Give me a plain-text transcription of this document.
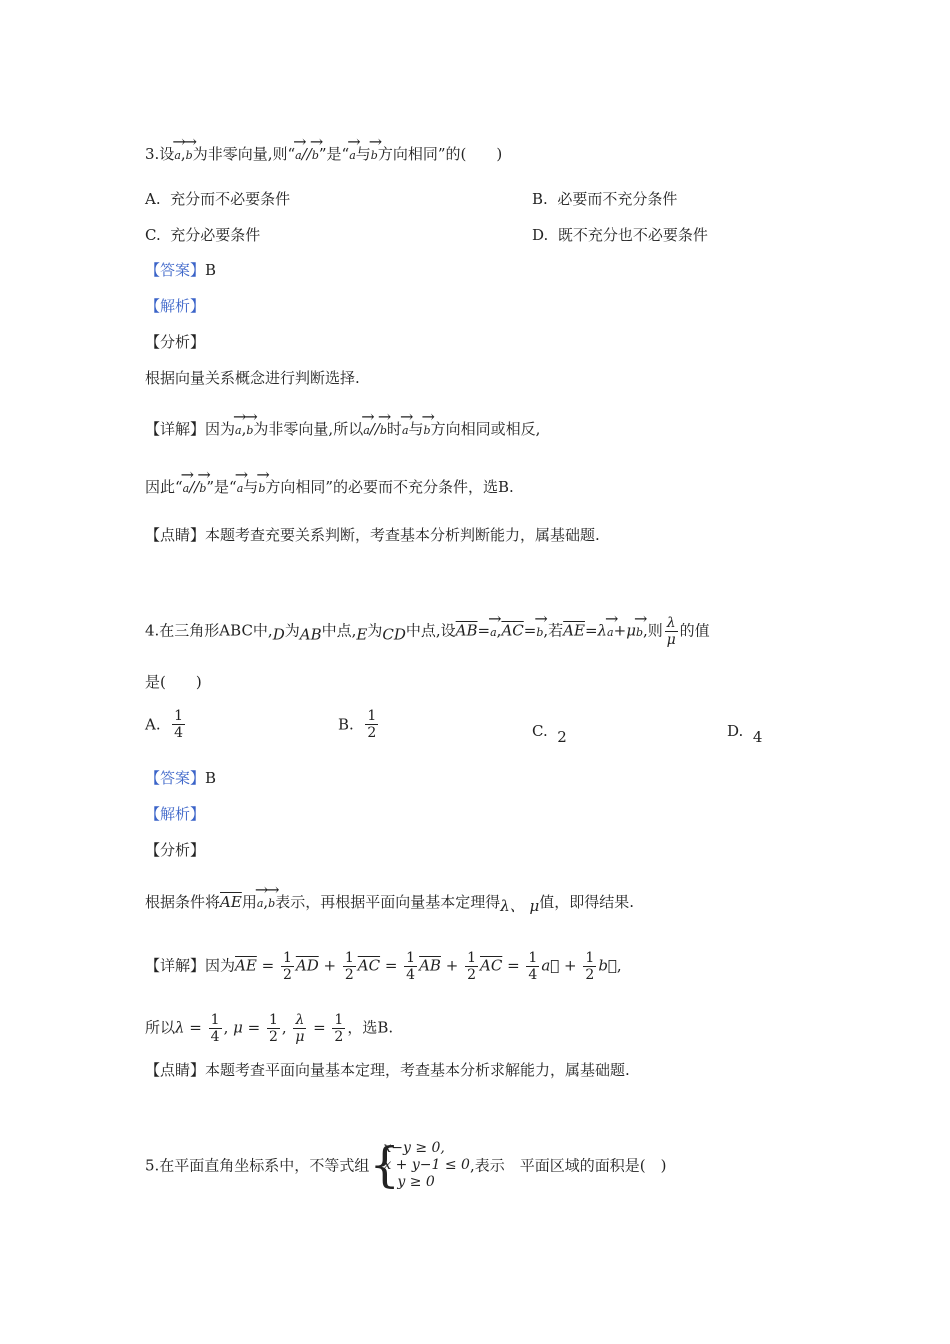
3.设→ a,→ b为非零向量,则“→ a//→ b”是“→ a与→ b方向相同”的(　　)
A. 充分而不必要条件	B. 必要而不充分条件
C. 充分必要条件	D. 既不充分也不必要条件
【答案】B
【解析】
【分析】
根据向量关系概念进行判断选择.
【详解】因为→ a,→ b为非零向量,所以→ a//→ b时→ a与→ b方向相同或相反,
因此“→ a//→ b”是“→ a与→ b方向相同”的必要而不充分条件，选B.
【点睛】本题考查充要关系判断，考查基本分析判断能力，属基础题.
4.在三角形ABC中,D为AB中点,E为CD中点,设$\overline{AB}=\to a,\overline{AC}=\to b$,若$\overline{AE}=\lambda\to a+\mu\to b$,则 $\frac{\lambda}{\mu}$ 的值
是(　　)
A. $\frac{1}{4}$	B. $\frac{1}{2}$	C. 2	D. 4
【答案】B
【解析】
【分析】
根据条件将$\overline{AE}$用→ a,→ b表示，再根据平面向量基本定理得λ、 μ值，即得结果.
【详解】因为$\overline{AE} = \frac{1}{2} \overline{AD} + \frac{1}{2} \overline{AC} = \frac{1}{4} \overline{AB} + \frac{1}{2} \overline{AC} = \frac{1}{4}$ a⃗ + $\frac{1}{2}$ b⃗,
所以$\lambda = \frac{1}{4}$ , $\mu = \frac{1}{2}$ , $\frac{\lambda}{\mu} = \frac{1}{2}$ ，选B.
【点睛】本题考查平面向量基本定理，考查基本分析求解能力，属基础题.
5.在平面直角坐标系中，不等式组
{ x−y ≥ 0,
x + y−1 ≤ 0
y ≥ 0
,表示　平面区域的面积是(　)
